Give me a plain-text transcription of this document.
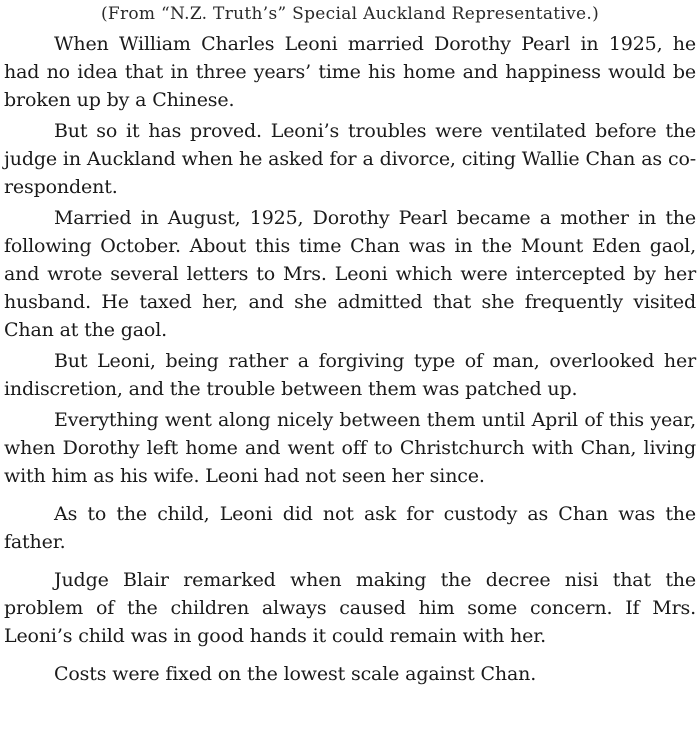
(From “N.Z. Truth’s” Special Auckland Representative.)

When William Charles Leoni married Dorothy Pearl in 1925, he had no idea that in three years’ time his home and happiness would be broken up by a Chinese.

But so it has proved. Leoni’s troubles were ventilated before the judge in Auckland when he asked for a divorce, citing Wallie Chan as co-respondent.

Married in August, 1925, Dorothy Pearl became a mother in the following October. About this time Chan was in the Mount Eden gaol, and wrote several letters to Mrs. Leoni which were intercepted by her husband. He taxed her, and she admitted that she frequently visited Chan at the gaol.

But Leoni, being rather a forgiving type of man, overlooked her indiscretion, and the trouble between them was patched up.

Everything went along nicely between them until April of this year, when Dorothy left home and went off to Christchurch with Chan, living with him as his wife. Leoni had not seen her since.

As to the child, Leoni did not ask for custody as Chan was the father.

Judge Blair remarked when making the decree nisi that the problem of the children always caused him some concern. If Mrs. Leoni’s child was in good hands it could remain with her.

Costs were fixed on the lowest scale against Chan.
